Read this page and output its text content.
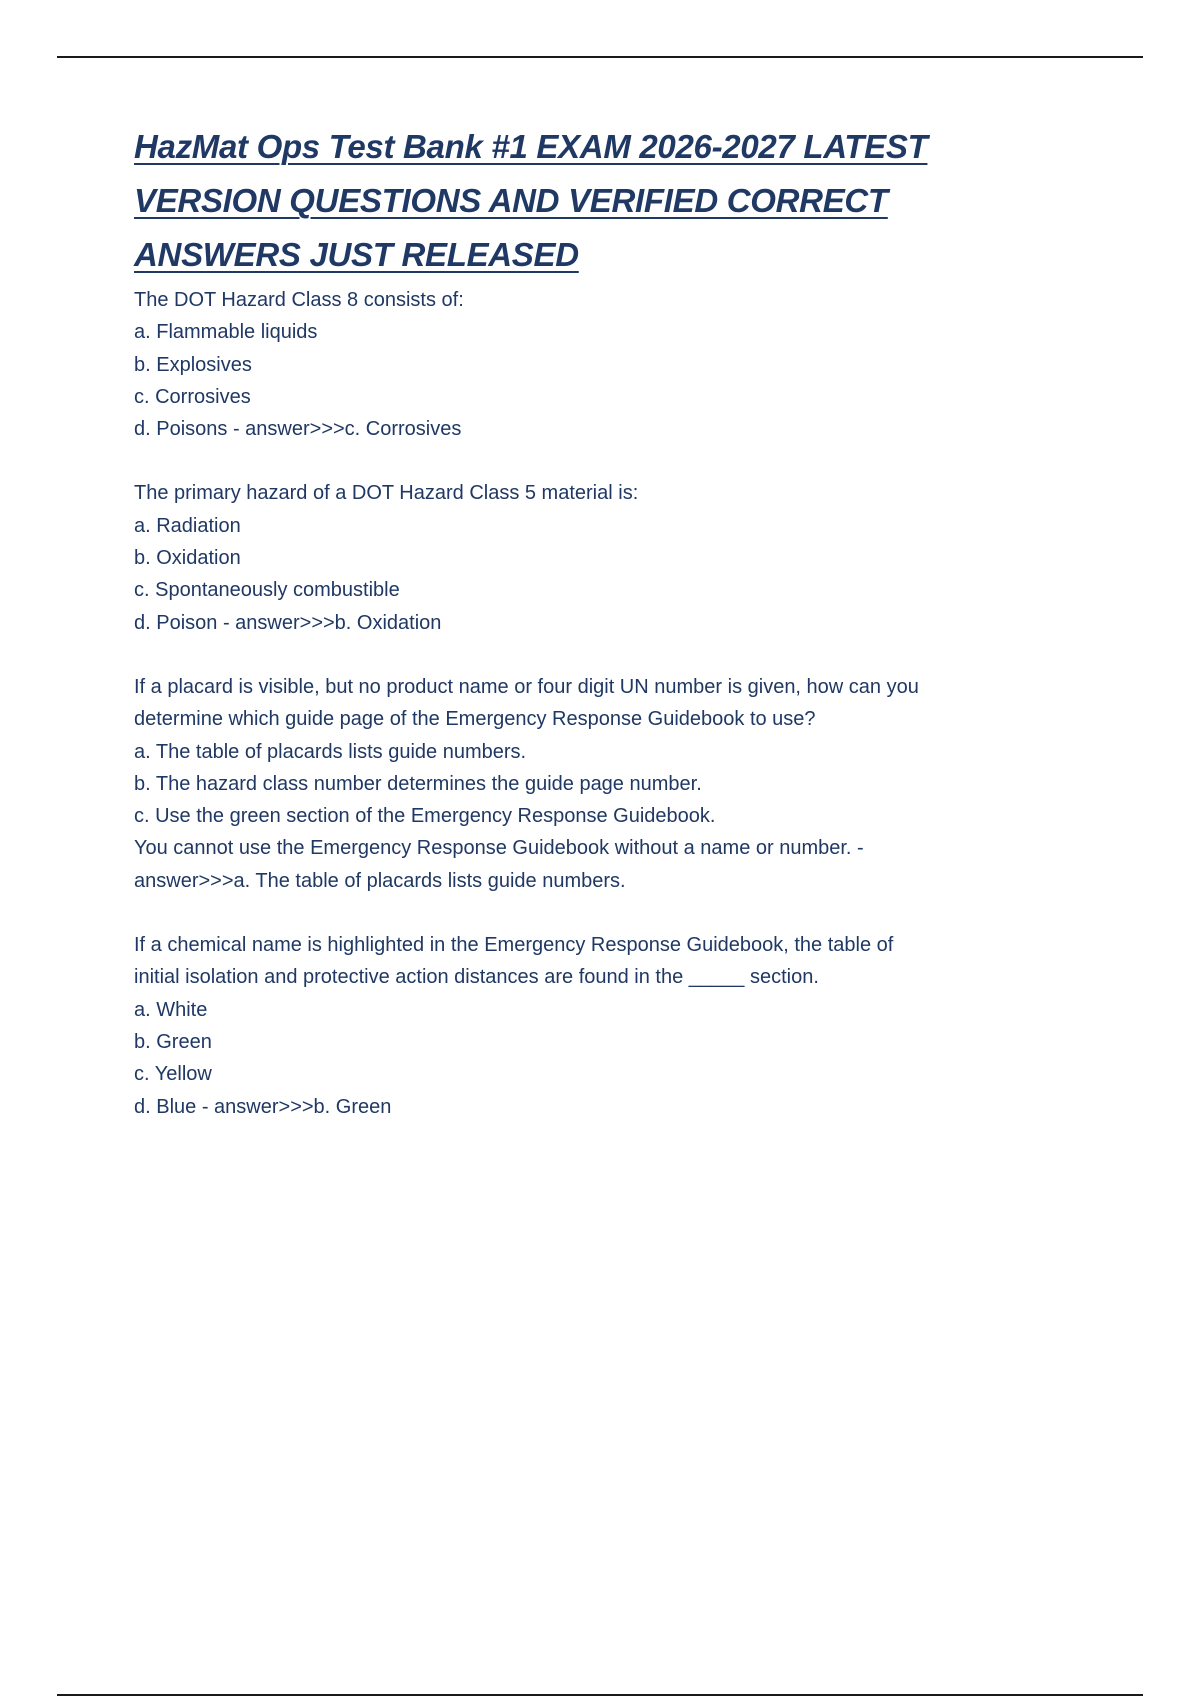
HazMat Ops Test Bank #1 EXAM 2026-2027 LATEST
VERSION QUESTIONS AND VERIFIED CORRECT
ANSWERS JUST RELEASED

The DOT Hazard Class 8 consists of:

a. Flammable liquids

b. Explosives

c. Corrosives

d. Poisons - answer>>>c. Corrosives

The primary hazard of a DOT Hazard Class 5 material is:

a. Radiation

b. Oxidation

c. Spontaneously combustible

d. Poison - answer>>>b. Oxidation

If a placard is visible, but no product name or four digit UN number is given, how can you

determine which guide page of the Emergency Response Guidebook to use?

a. The table of placards lists guide numbers.

b. The hazard class number determines the guide page number.

c. Use the green section of the Emergency Response Guidebook.

You cannot use the Emergency Response Guidebook without a name or number. -

answer>>>a. The table of placards lists guide numbers.

If a chemical name is highlighted in the Emergency Response Guidebook, the table of

initial isolation and protective action distances are found in the _____ section.

a. White

b. Green

c. Yellow

d. Blue - answer>>>b. Green
